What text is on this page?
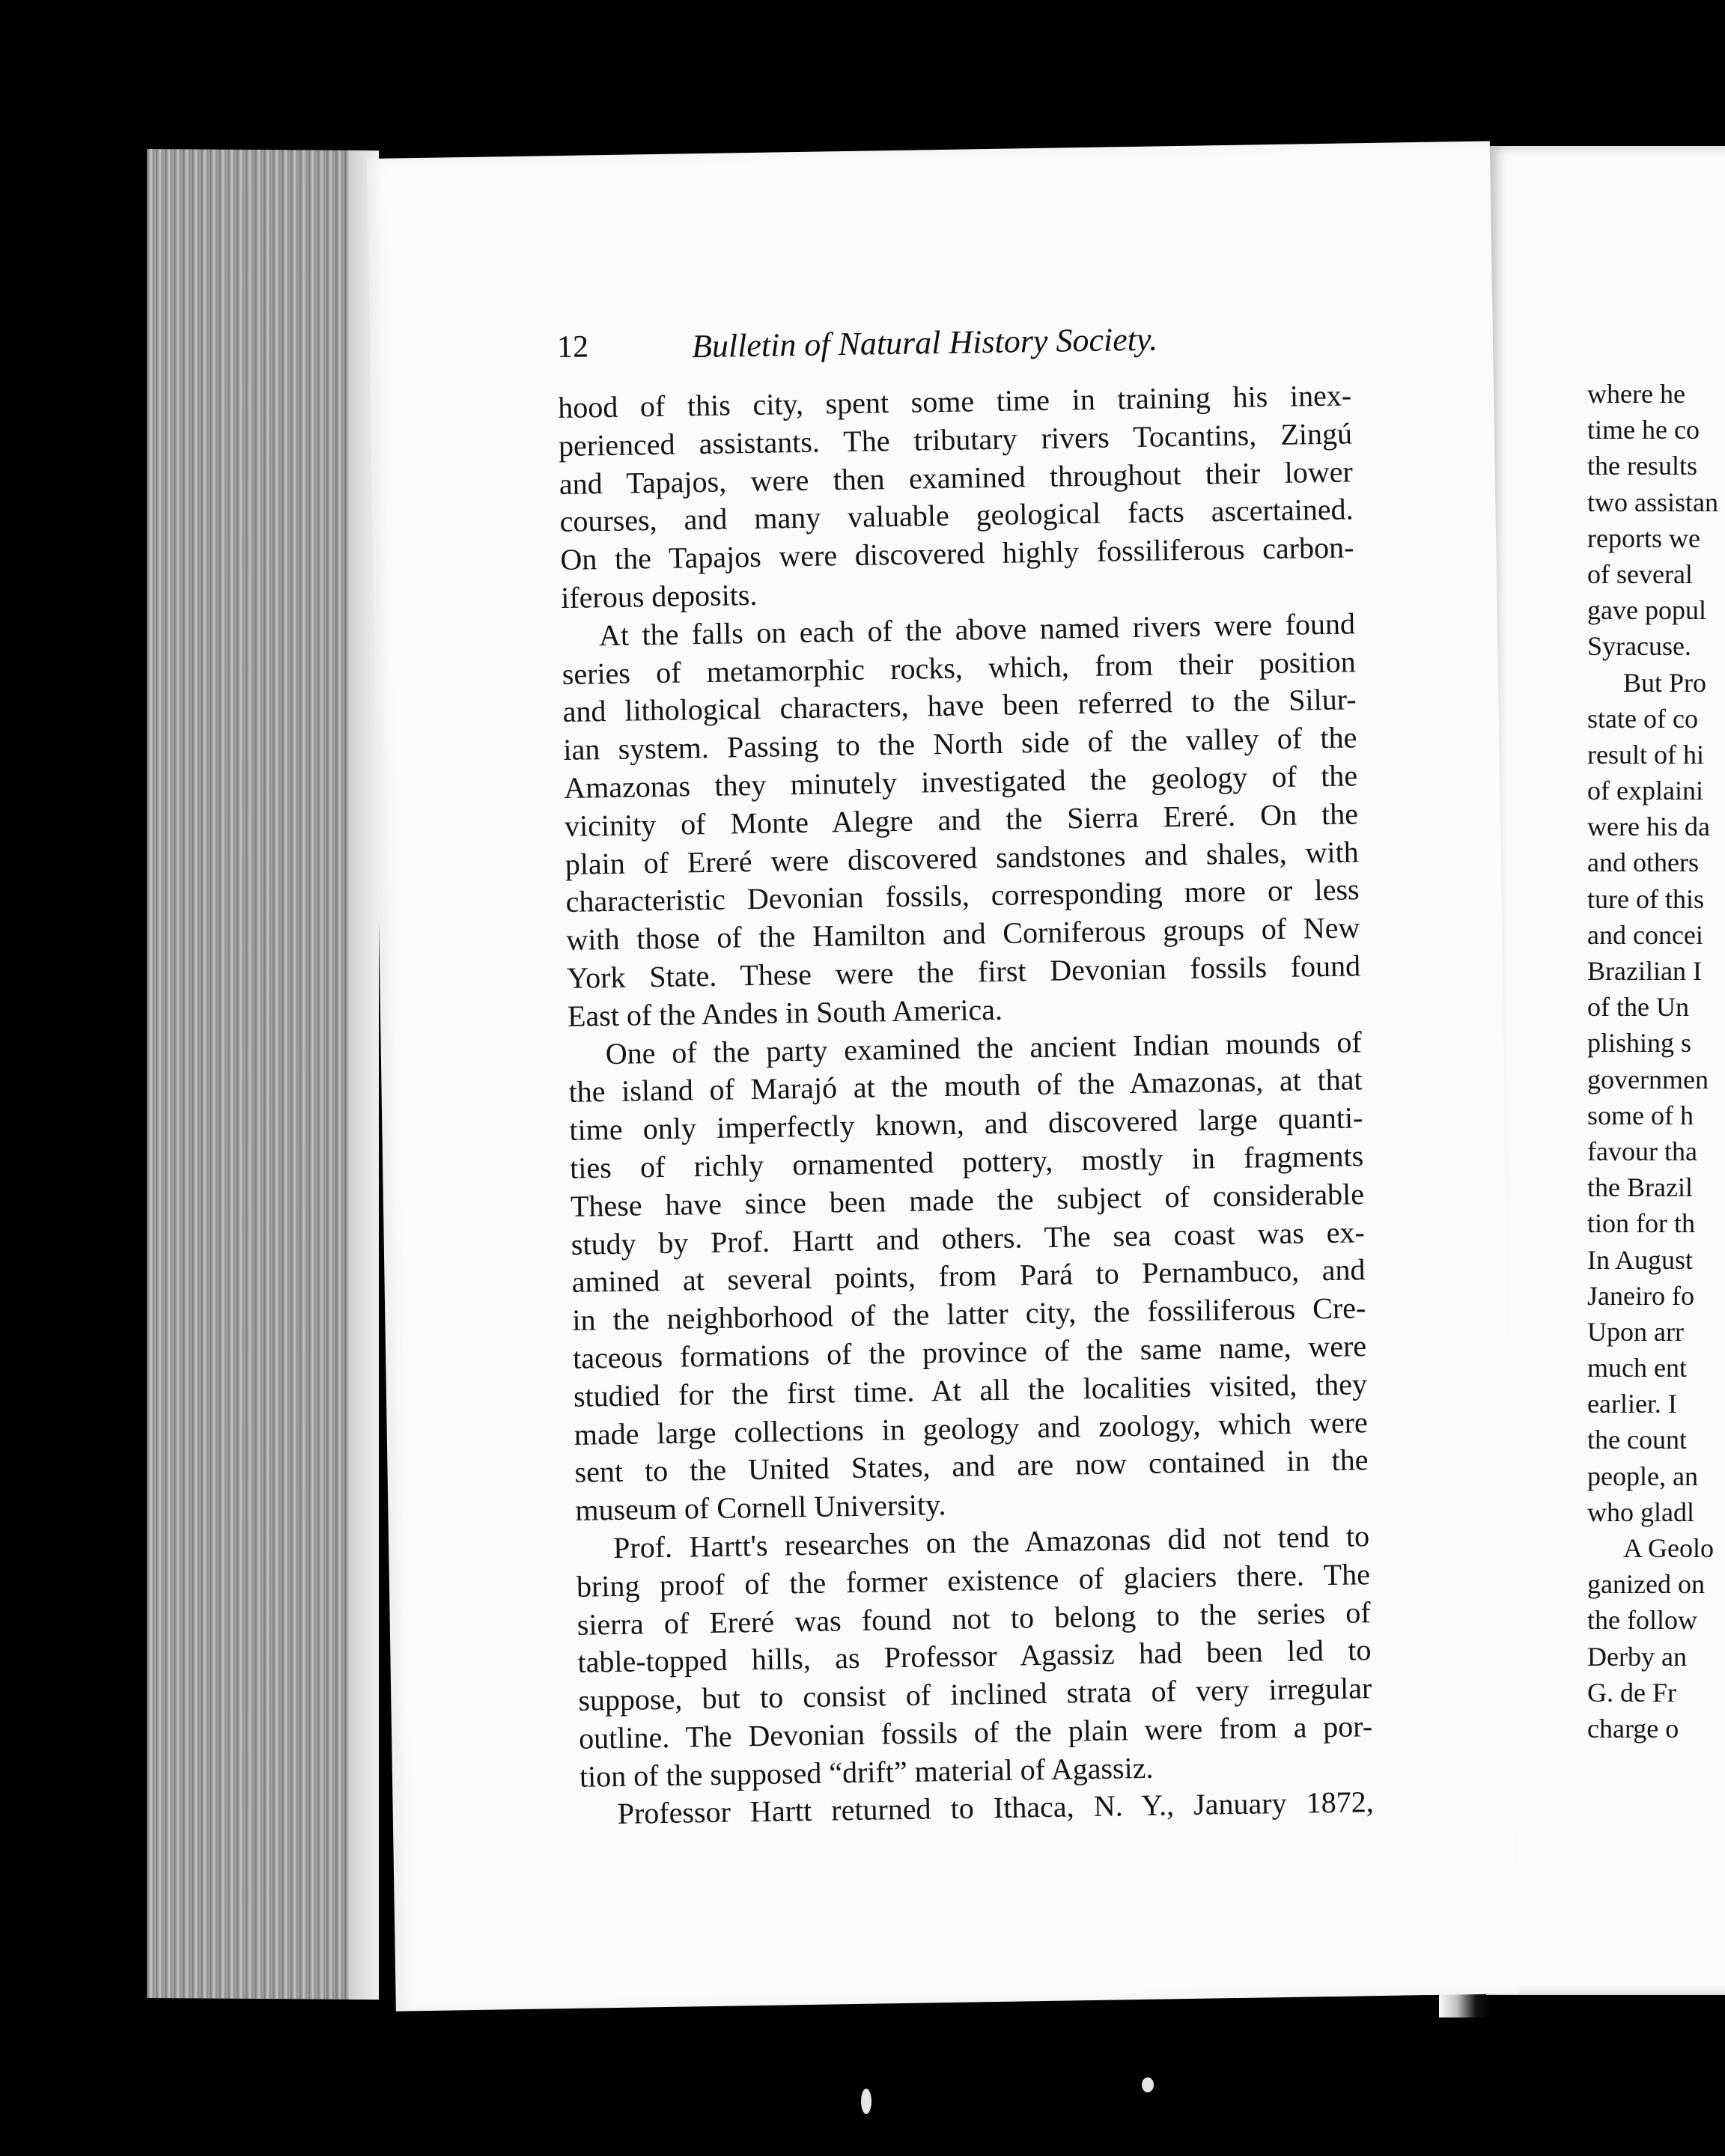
12	Bulletin of Natural History Society.
hood of this city, spent some time in training his inex-
perienced assistants. The tributary rivers Tocantins, Zingú
and Tapajos, were then examined throughout their lower
courses, and many valuable geological facts ascertained.
On the Tapajos were discovered highly fossiliferous carbon-
iferous deposits.
At the falls on each of the above named rivers were found
series of metamorphic rocks, which, from their position
and lithological characters, have been referred to the Silur-
ian system. Passing to the North side of the valley of the
Amazonas they minutely investigated the geology of the
vicinity of Monte Alegre and the Sierra Ereré. On the
plain of Ereré were discovered sandstones and shales, with
characteristic Devonian fossils, corresponding more or less
with those of the Hamilton and Corniferous groups of New
York State. These were the first Devonian fossils found
East of the Andes in South America.
One of the party examined the ancient Indian mounds of
the island of Marajó at the mouth of the Amazonas, at that
time only imperfectly known, and discovered large quanti-
ties of richly ornamented pottery, mostly in fragments
These have since been made the subject of considerable
study by Prof. Hartt and others. The sea coast was ex-
amined at several points, from Pará to Pernambuco, and
in the neighborhood of the latter city, the fossiliferous Cre-
taceous formations of the province of the same name, were
studied for the first time. At all the localities visited, they
made large collections in geology and zoology, which were
sent to the United States, and are now contained in the
museum of Cornell University.
Prof. Hartt's researches on the Amazonas did not tend to
bring proof of the former existence of glaciers there. The
sierra of Ereré was found not to belong to the series of
table-topped hills, as Professor Agassiz had been led to
suppose, but to consist of inclined strata of very irregular
outline. The Devonian fossils of the plain were from a por-
tion of the supposed “drift” material of Agassiz.
Professor Hartt returned to Ithaca, N. Y., January 1872,
where he
time he co
the results
two assistan
reports we
of several
gave popul
Syracuse.
But Pro
state of co
result of hi
of explaini
were his da
and others
ture of this
and concei
Brazilian I
of the Un
plishing s
governmen
some of h
favour tha
the Brazil
tion for th
In August
Janeiro fo
Upon arr
much ent
earlier. I
the count
people, an
who gladl
A Geolo
ganized on
the follow
Derby an
G. de Fr
charge o
